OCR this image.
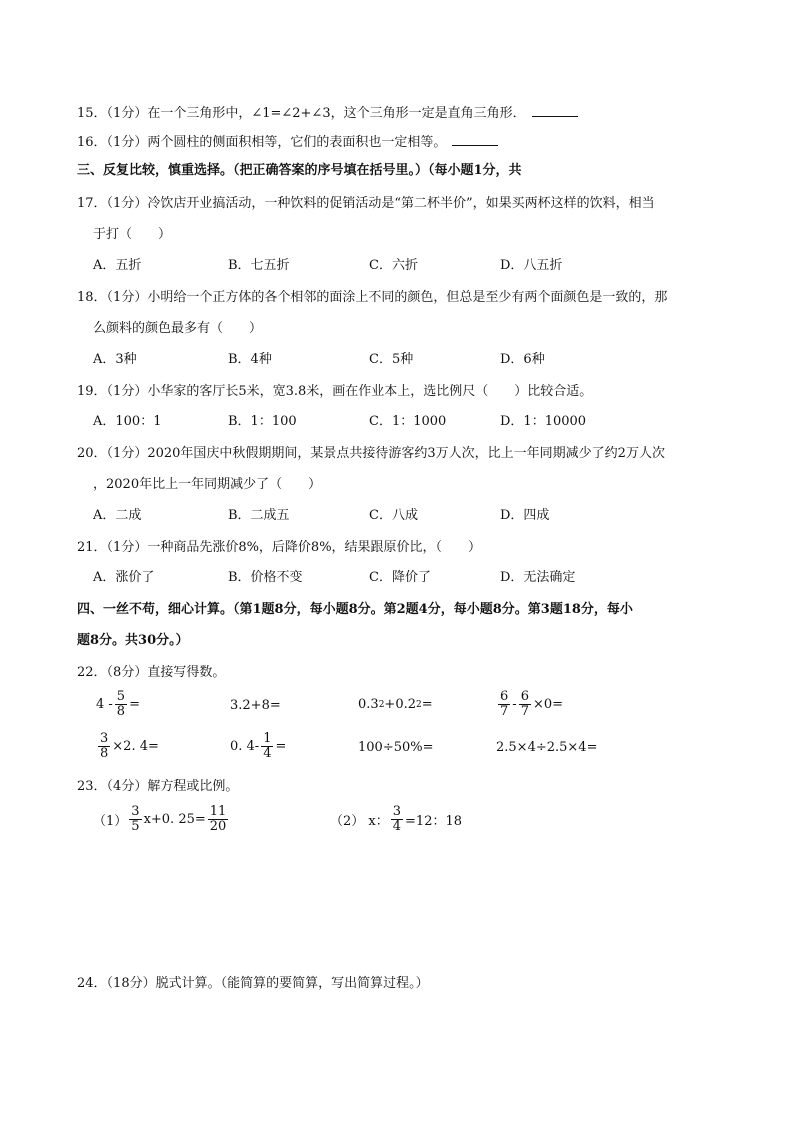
15．（1分）在一个三角形中，∠1=∠2+∠3，这个三角形一定是直角三角形．
16．（1分）两个圆柱的侧面积相等，它们的表面积也一定相等。
三、反复比较，慎重选择。（把正确答案的序号填在括号里。）（每小题1分，共
17．（1分）冷饮店开业搞活动，一种饮料的促销活动是“第二杯半价”，如果买两杯这样的饮料，相当
于打（　　）
A．五折	B．七五折	C．六折	D．八五折
18．（1分）小明给一个正方体的各个相邻的面涂上不同的颜色，但总是至少有两个面颜色是一致的，那
么颜料的颜色最多有（　　）
A．3种	B．4种	C．5种	D．6种
19．（1分）小华家的客厅长5米，宽3.8米，画在作业本上，选比例尺（　　）比较合适。
A．100：1	B．1：100	C．1：1000	D．1：10000
20．（1分）2020年国庆中秋假期期间，某景点共接待游客约3万人次，比上一年同期减少了约2万人次
，2020年比上一年同期减少了（　　）
A．二成	B．二成五	C．八成	D．四成
21．（1分）一种商品先涨价8%，后降价8%，结果跟原价比，（　　）
A．涨价了	B．价格不变	C．降价了	D．无法确定
四、一丝不苟，细心计算。（第1题8分，每小题8分。第2题4分，每小题8分。第3题18分，每小
题8分。共30分。）
22．（8分）直接写得数。
$4 - \frac{5}{8}$ =	3.2+8=	0.3 2 +0.2 2 =	$\frac{6}{7} - \frac{6}{7} \times 0=$
$\frac{3}{8} \times 2$. 4=	0. $4- \frac{1}{4}$ =	100÷50%=	2.5×4÷2.5×4=
23．（4分）解方程或比例。
$(1) \frac{3}{5} x+0$. $25= \frac{11}{20}$	（2） x： $\frac{3}{4} =12$：18
24．（18分）脱式计算。（能简算的要简算，写出简算过程。）
